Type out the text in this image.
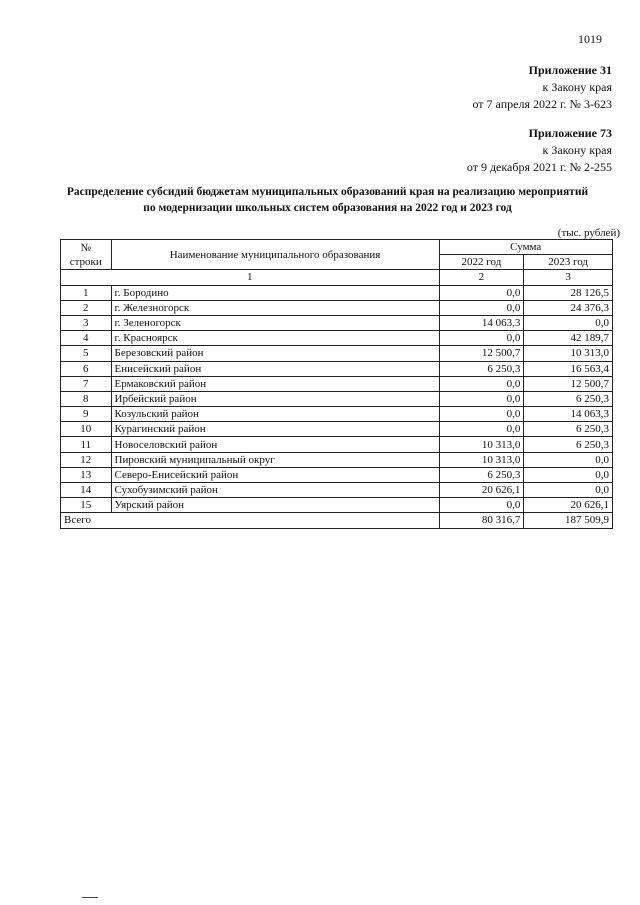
1019
Приложение 31
к Закону края
от 7 апреля 2022 г. № 3-623
Приложение 73
к Закону края
от 9 декабря 2021 г. № 2-255
Распределение субсидий бюджетам муниципальных образований края на реализацию мероприятий
по модернизации школьных систем образования на 2022 год и 2023 год
(тыс. рублей)
№ строки	Наименование муниципального образования	Сумма	
		2022 год	2023 год
1		2	3
1	г. Бородино	0,0	28 126,5
2	г. Железногорск	0,0	24 376,3
3	г. Зеленогорск	14 063,3	0,0
4	г. Красноярск	0,0	42 189,7
5	Березовский район	12 500,7	10 313,0
6	Енисейский район	6 250,3	16 563,4
7	Ермаковский район	0,0	12 500,7
8	Ирбейский район	0,0	6 250,3
9	Козульский район	0,0	14 063,3
10	Курагинский район	0,0	6 250,3
11	Новоселовский район	10 313,0	6 250,3
12	Пировский муниципальный округ	10 313,0	0,0
13	Северо-Енисейский район	6 250,3	0,0
14	Сухобузимский район	20 626,1	0,0
15	Уярский район	0,0	20 626,1
Всего		80 316,7	187 509,9
